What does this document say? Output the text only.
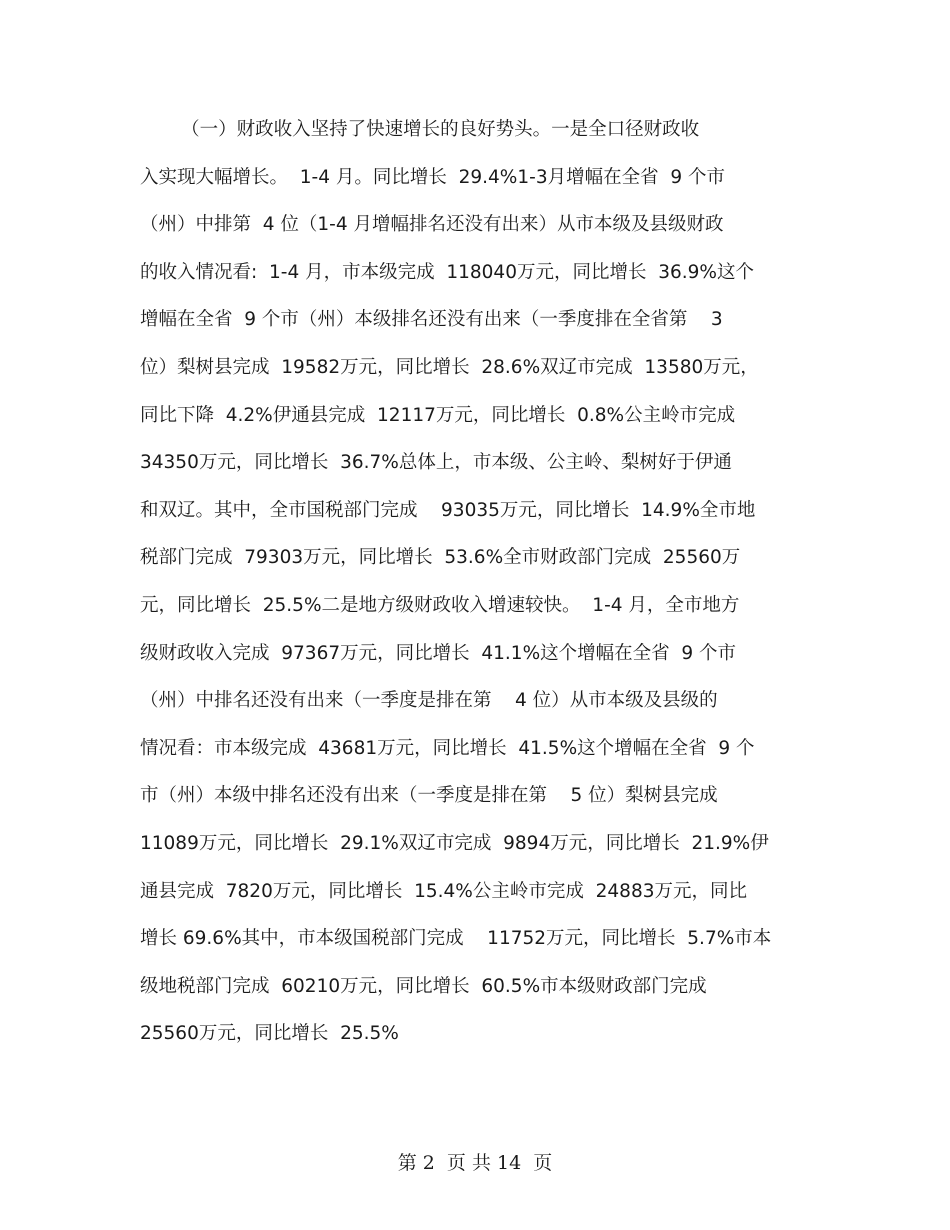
（一）财政收入坚持了快速增长的良好势头。一是全口径财政收
入实现大幅增长。  1-4 月。同比增长  29.4%1-3月增幅在全省  9 个市
（州）中排第  4 位（1-4 月增幅排名还没有出来）从市本级及县级财政
的收入情况看:  1-4 月，市本级完成  118040万元，同比增长  36.9%这个
增幅在全省  9 个市（州）本级排名还没有出来（一季度排在全省第    3
位）梨树县完成  19582万元，同比增长  28.6%双辽市完成  13580万元，
同比下降  4.2%伊通县完成  12117万元，同比增长  0.8%公主岭市完成
34350万元，同比增长  36.7%总体上，市本级、公主岭、梨树好于伊通
和双辽。其中，全市国税部门完成    93035万元，同比增长  14.9%全市地
税部门完成  79303万元，同比增长  53.6%全市财政部门完成  25560万
元，同比增长  25.5%二是地方级财政收入增速较快。  1-4 月，全市地方
级财政收入完成  97367万元，同比增长  41.1%这个增幅在全省  9 个市
（州）中排名还没有出来（一季度是排在第    4 位）从市本级及县级的
情况看：市本级完成  43681万元，同比增长  41.5%这个增幅在全省  9 个
市（州）本级中排名还没有出来（一季度是排在第    5 位）梨树县完成
11089万元，同比增长  29.1%双辽市完成  9894万元，同比增长  21.9%伊
通县完成  7820万元，同比增长  15.4%公主岭市完成  24883万元，同比
增长 69.6%其中，市本级国税部门完成    11752万元，同比增长  5.7%市本
级地税部门完成  60210万元，同比增长  60.5%市本级财政部门完成
25560万元，同比增长  25.5%
第 2  页 共 14  页
